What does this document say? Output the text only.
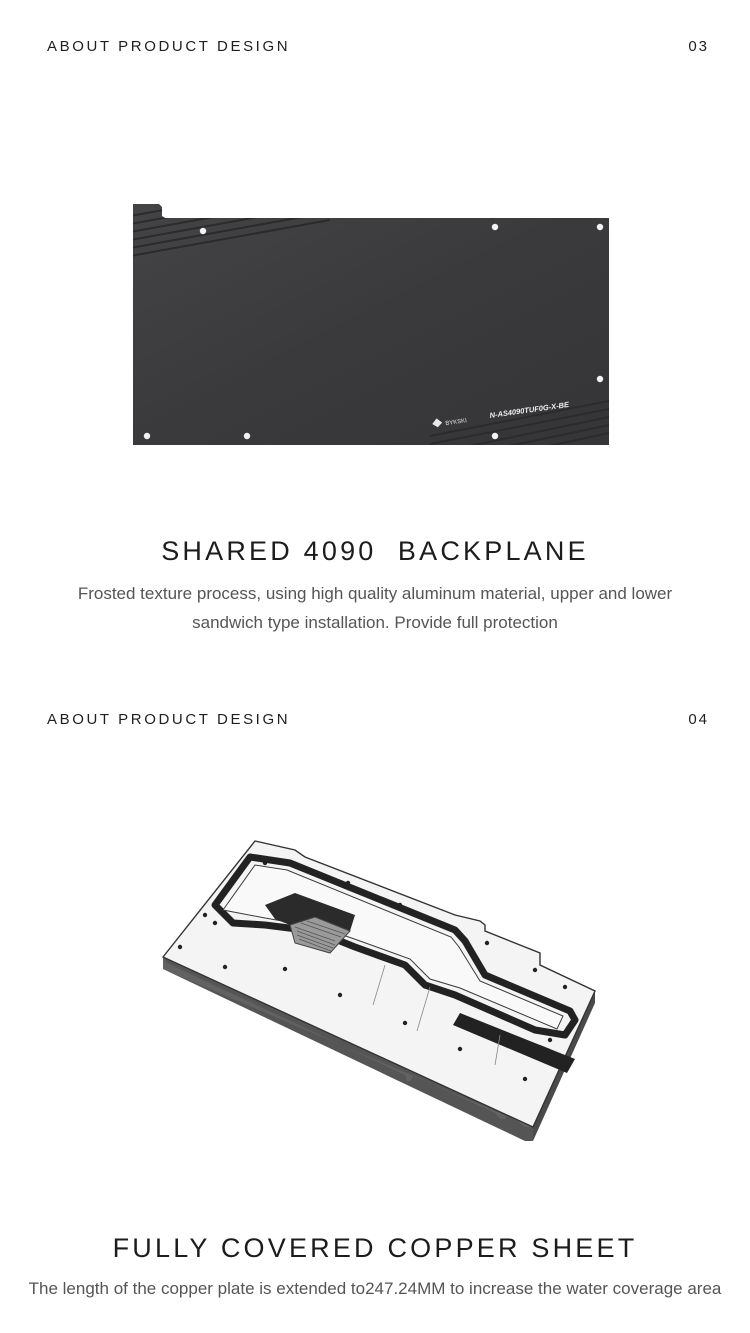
ABOUT PRODUCT DESIGN	03
BYKSKI
N-AS4090TUF0G-X-BE
SHARED 4090  BACKPLANE
Frosted texture process, using high quality aluminum material, upper and lower
sandwich type installation. Provide full protection
ABOUT PRODUCT DESIGN	04
FULLY COVERED COPPER SHEET
The length of the copper plate is extended to247.24MM to increase the water coverage area
